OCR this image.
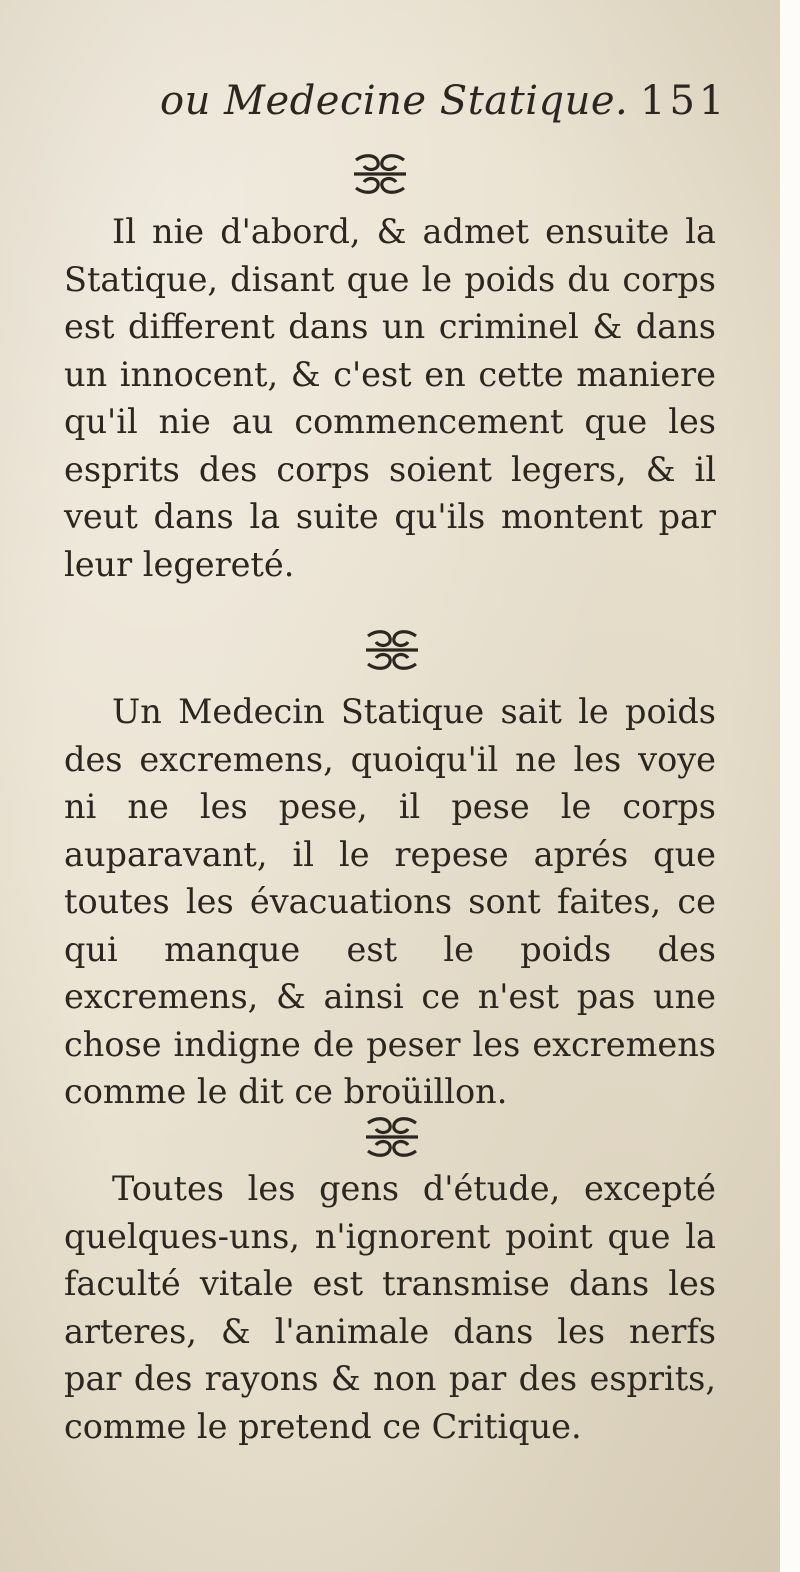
ou Medecine Statique. 151

Il nie d'abord, & admet ensuite la Statique, disant que le poids du corps est different dans un criminel & dans un innocent, & c'est en cette maniere qu'il nie au commencement que les esprits des corps soient legers, & il veut dans la suite qu'ils montent par leur legereté.

Un Medecin Statique sait le poids des excremens, quoiqu'il ne les voye ni ne les pese, il pese le corps auparavant, il le repese aprés que toutes les évacuations sont faites, ce qui manque est le poids des excremens, & ainsi ce n'est pas une chose indigne de peser les excremens comme le dit ce broüillon.

Toutes les gens d'étude, excepté quelques-uns, n'ignorent point que la faculté vitale est transmise dans les arteres, & l'animale dans les nerfs par des rayons & non par des esprits, comme le pretend ce Critique.
